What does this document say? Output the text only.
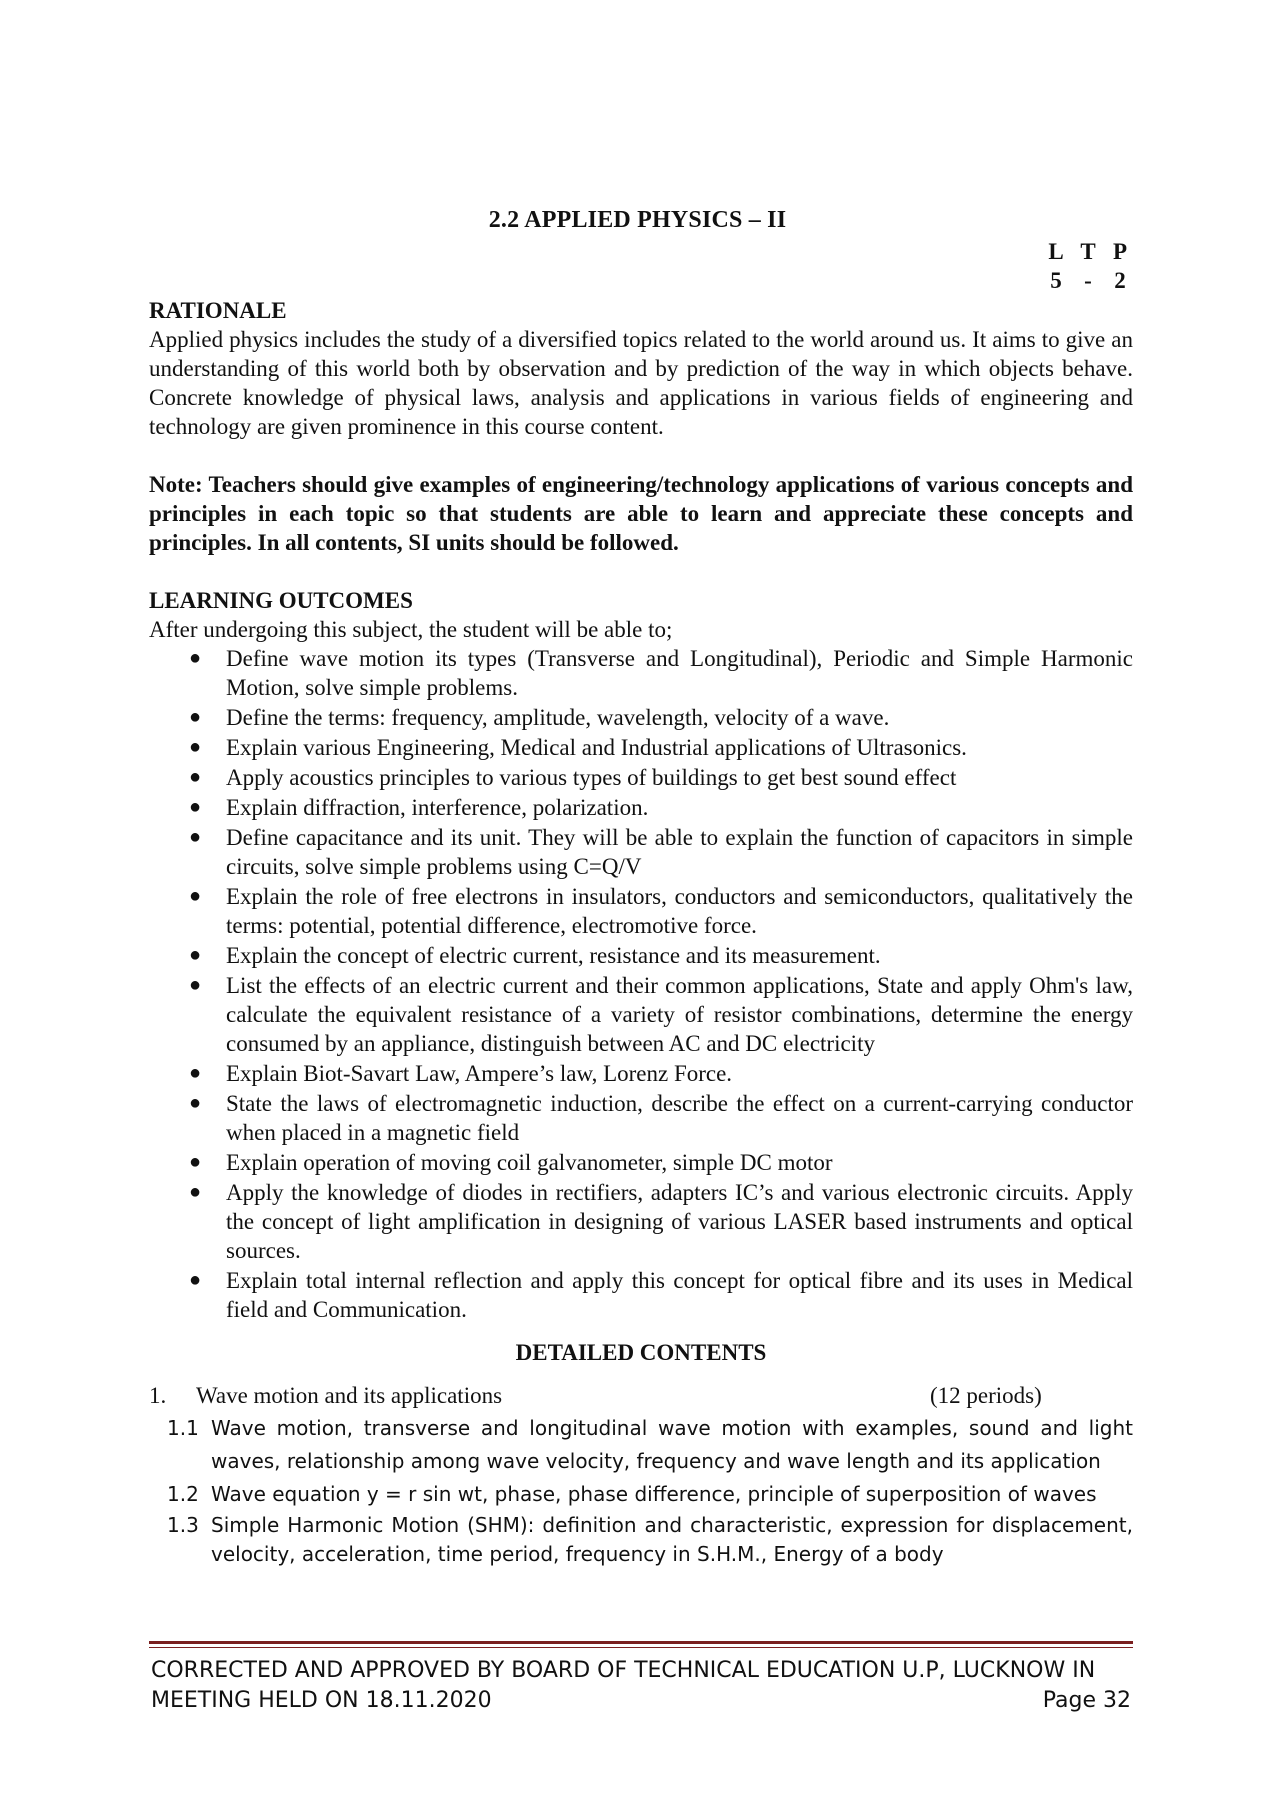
2.2 APPLIED PHYSICS – II
L T P
5 - 2
RATIONALE

Applied physics includes the study of a diversified topics related to the world around us. It aims to give an understanding of this world both by observation and by prediction of the way in which objects behave. Concrete knowledge of physical laws, analysis and applications in various fields of engineering and technology are given prominence in this course content.

Note: Teachers should give examples of engineering/technology applications of various concepts and principles in each topic so that students are able to learn and appreciate these concepts and principles. In all contents, SI units should be followed.

LEARNING OUTCOMES

After undergoing this subject, the student will be able to;

● Define wave motion its types (Transverse and Longitudinal), Periodic and Simple Harmonic Motion, solve simple problems.
● Define the terms: frequency, amplitude, wavelength, velocity of a wave.
● Explain various Engineering, Medical and Industrial applications of Ultrasonics.
● Apply acoustics principles to various types of buildings to get best sound effect
● Explain diffraction, interference, polarization.
● Define capacitance and its unit. They will be able to explain the function of capacitors in simple circuits, solve simple problems using C=Q/V
● Explain the role of free electrons in insulators, conductors and semiconductors, qualitatively the terms: potential, potential difference, electromotive force.
● Explain the concept of electric current, resistance and its measurement.
● List the effects of an electric current and their common applications, State and apply Ohm's law, calculate the equivalent resistance of a variety of resistor combinations, determine the energy consumed by an appliance, distinguish between AC and DC electricity
● Explain Biot-Savart Law, Ampere’s law, Lorenz Force.
● State the laws of electromagnetic induction, describe the effect on a current-carrying conductor when placed in a magnetic field
● Explain operation of moving coil galvanometer, simple DC motor
● Apply the knowledge of diodes in rectifiers, adapters IC’s and various electronic circuits. Apply the concept of light amplification in designing of various LASER based instruments and optical sources.
● Explain total internal reflection and apply this concept for optical fibre and its uses in Medical field and Communication.
DETAILED CONTENTS
1. Wave motion and its applications	(12 periods)
1.1 Wave motion, transverse and longitudinal wave motion with examples, sound and light waves, relationship among wave velocity, frequency and wave length and its application
1.2 Wave equation y = r sin wt, phase, phase difference, principle of superposition of waves
1.3 Simple Harmonic Motion (SHM): definition and characteristic, expression for displacement, velocity, acceleration, time period, frequency in S.H.M., Energy of a body
CORRECTED AND APPROVED BY BOARD OF TECHNICAL EDUCATION U.P, LUCKNOW IN
MEETING HELD ON 18.11.2020	Page 32
